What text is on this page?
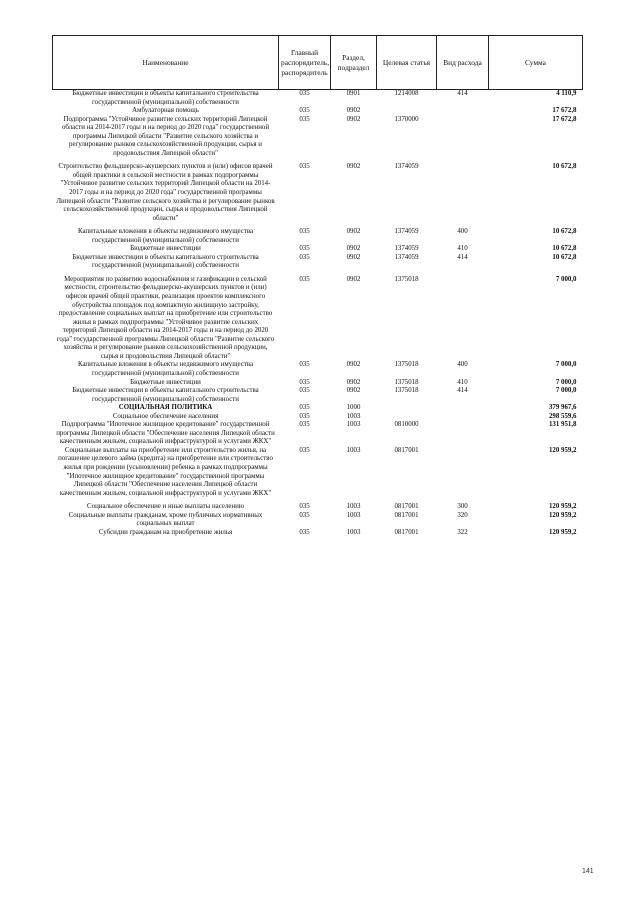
Наименование	Главный распорядитель, распорядитель	Раздел, подраздел	Целевая статья	Вид расхода	Сумма
Бюджетные инвестиции в объекты капитального строительства государственной (муниципальной) собственности	035	0901	1214008	414	4 110,9
Амбулаторная помощь	035	0902			17 672,8
Подпрограмма "Устойчивое развитие сельских территорий Липецкой области на 2014-2017 годы и на период до 2020 года" государственной программы Липецкой области "Развитие сельского хозяйства и регулирование рынков сельскохозяйственной продукции, сырья и продовольствия Липецкой области"	035	0902	1370000		17 672,8

Строительство фельдшерско-акушерских пунктов и (или) офисов врачей общей практики в сельской местности в рамках подпрограммы "Устойчивое развитие сельских территорий Липецкой области на 2014-2017 годы и на период до 2020 года" государственной программы Липецкой области "Развитие сельского хозяйства и регулирование рынков сельскохозяйственной продукции, сырья и продовольствия Липецкой области"	035	0902	1374059		10 672,8

Капитальные вложения в объекты недвижимого имущества государственной (муниципальной) собственности	035	0902	1374059	400	10 672,8
Бюджетные инвестиции	035	0902	1374059	410	10 672,8
Бюджетные инвестиции в объекты капитального строительства государственной (муниципальной) собственности	035	0902	1374059	414	10 672,8

Мероприятия по развитию водоснабжения и газификации в сельской местности, строительство фельдшерско-акушерских пунктов и (или) офисов врачей общей практики, реализация проектов комплексного обустройства площадок под компактную жилищную застройку, предоставление социальных выплат на приобретение или строительство жилья в рамках подпрограммы "Устойчивое развитие сельских территорий Липецкой области на 2014-2017 годы и на период до 2020 года" государственной программы Липецкой области "Развитие сельского хозяйства и регулирование рынков сельскохозяйственной продукции, сырья и продовольствия Липецкой области"	035	0902	1375018		7 000,0
Капитальные вложения в объекты недвижимого имущества государственной (муниципальной) собственности	035	0902	1375018	400	7 000,0
Бюджетные инвестиции	035	0902	1375018	410	7 000,0
Бюджетные инвестиции в объекты капитального строительства государственной (муниципальной) собственности	035	0902	1375018	414	7 000,0
СОЦИАЛЬНАЯ ПОЛИТИКА	035	1000			379 967,6
Социальное обеспечение населения	035	1003			298 559,6
Подпрограмма "Ипотечное жилищное кредитование" государственной программы Липецкой области "Обеспечение населения Липецкой области качественным жильем, социальной инфраструктурой и услугами ЖКХ"	035	1003	0810000		131 951,8
Социальные выплаты на приобретение или строительство жилья, на погашение целевого займа (кредита) на приобретение или строительство жилья при рождении (усыновлении) ребенка в рамках подпрограммы "Ипотечное жилищное кредитование" государственной программы Липецкой области "Обеспечение населения Липецкой области качественным жильем, социальной инфраструктурой и услугами ЖКХ"	035	1003	0817001		120 959,2

Социальное обеспечение и иные выплаты населению	035	1003	0817001	300	120 959,2
Социальные выплаты гражданам, кроме публичных нормативных социальных выплат	035	1003	0817001	320	120 959,2
Субсидии гражданам на приобретение жилья	035	1003	0817001	322	120 959,2
141
